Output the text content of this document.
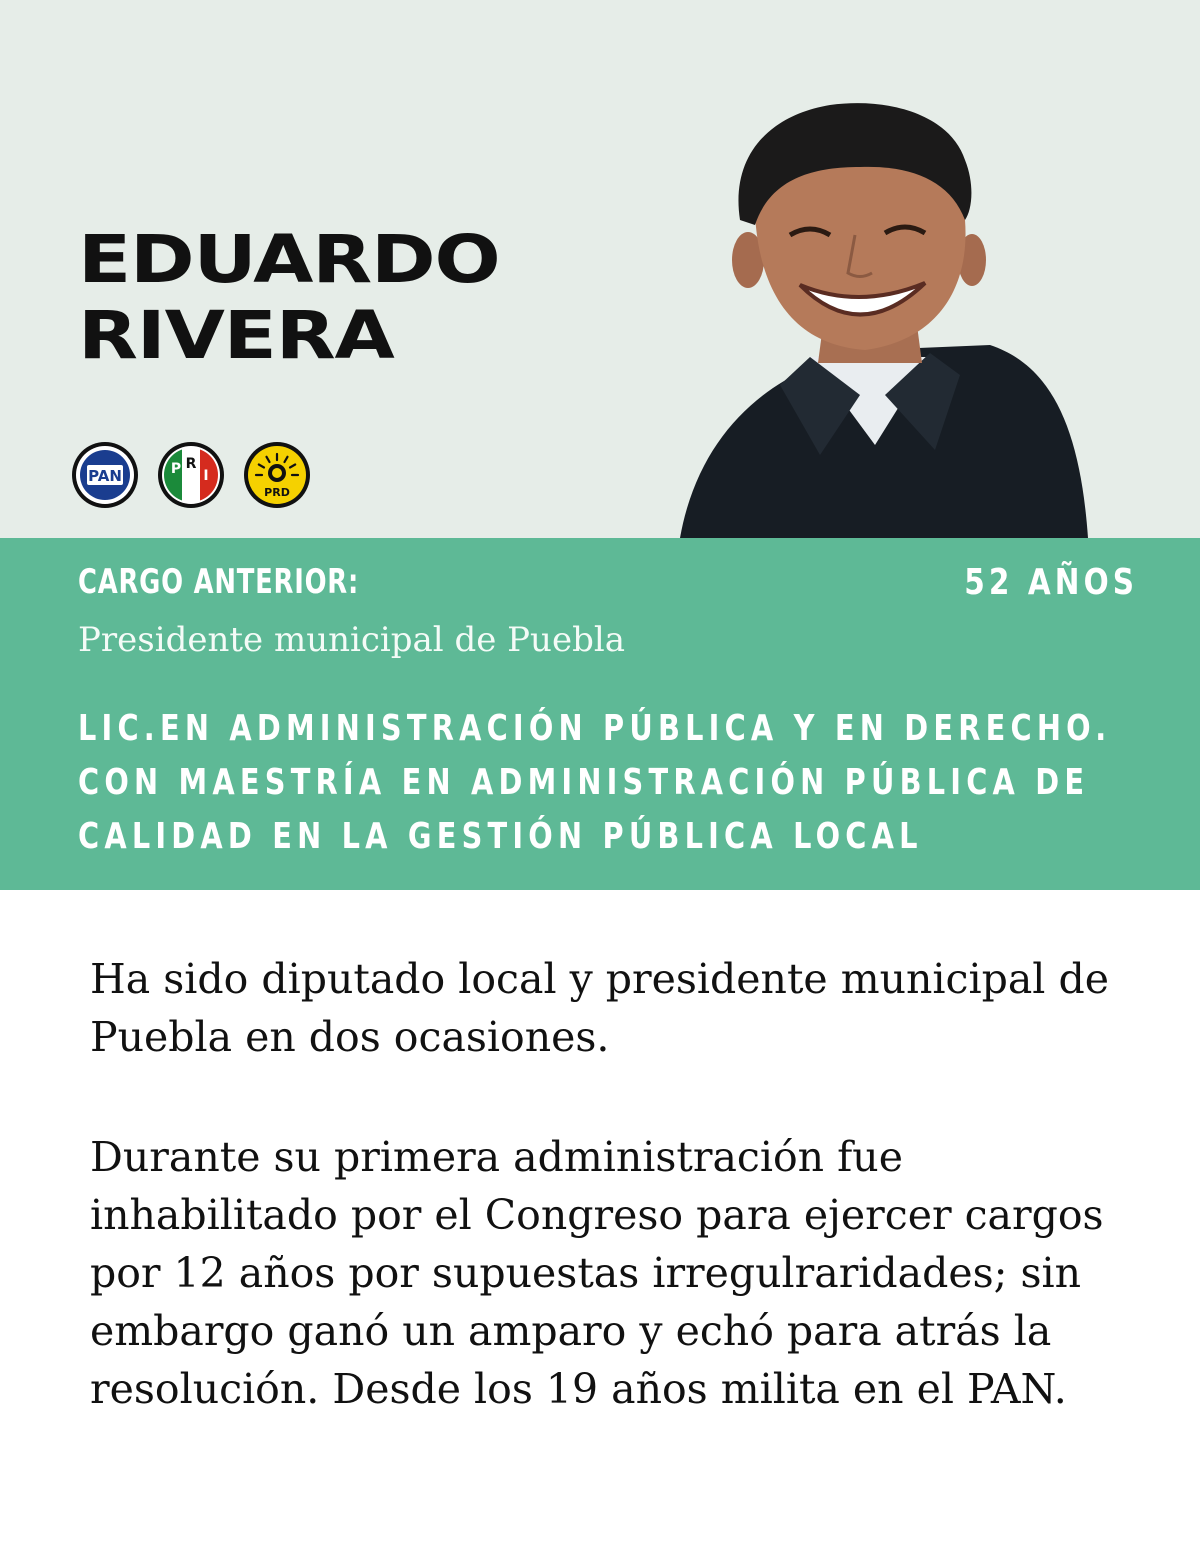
EDUARDO
RIVERA
PAN	P R
I
PRD
CARGO ANTERIOR:
Presidente municipal de Puebla
52 AÑOS
LIC.EN ADMINISTRACIÓN PÚBLICA Y EN DERECHO.
CON MAESTRÍA EN ADMINISTRACIÓN PÚBLICA DE
CALIDAD EN LA GESTIÓN PÚBLICA LOCAL

Ha sido diputado local y presidente municipal de Puebla en dos ocasiones.

Durante su primera administración fue inhabilitado por el Congreso para ejercer cargos por 12 años por supuestas irregulraridades; sin embargo ganó un amparo y echó para atrás la resolución. Desde los 19 años milita en el PAN.
